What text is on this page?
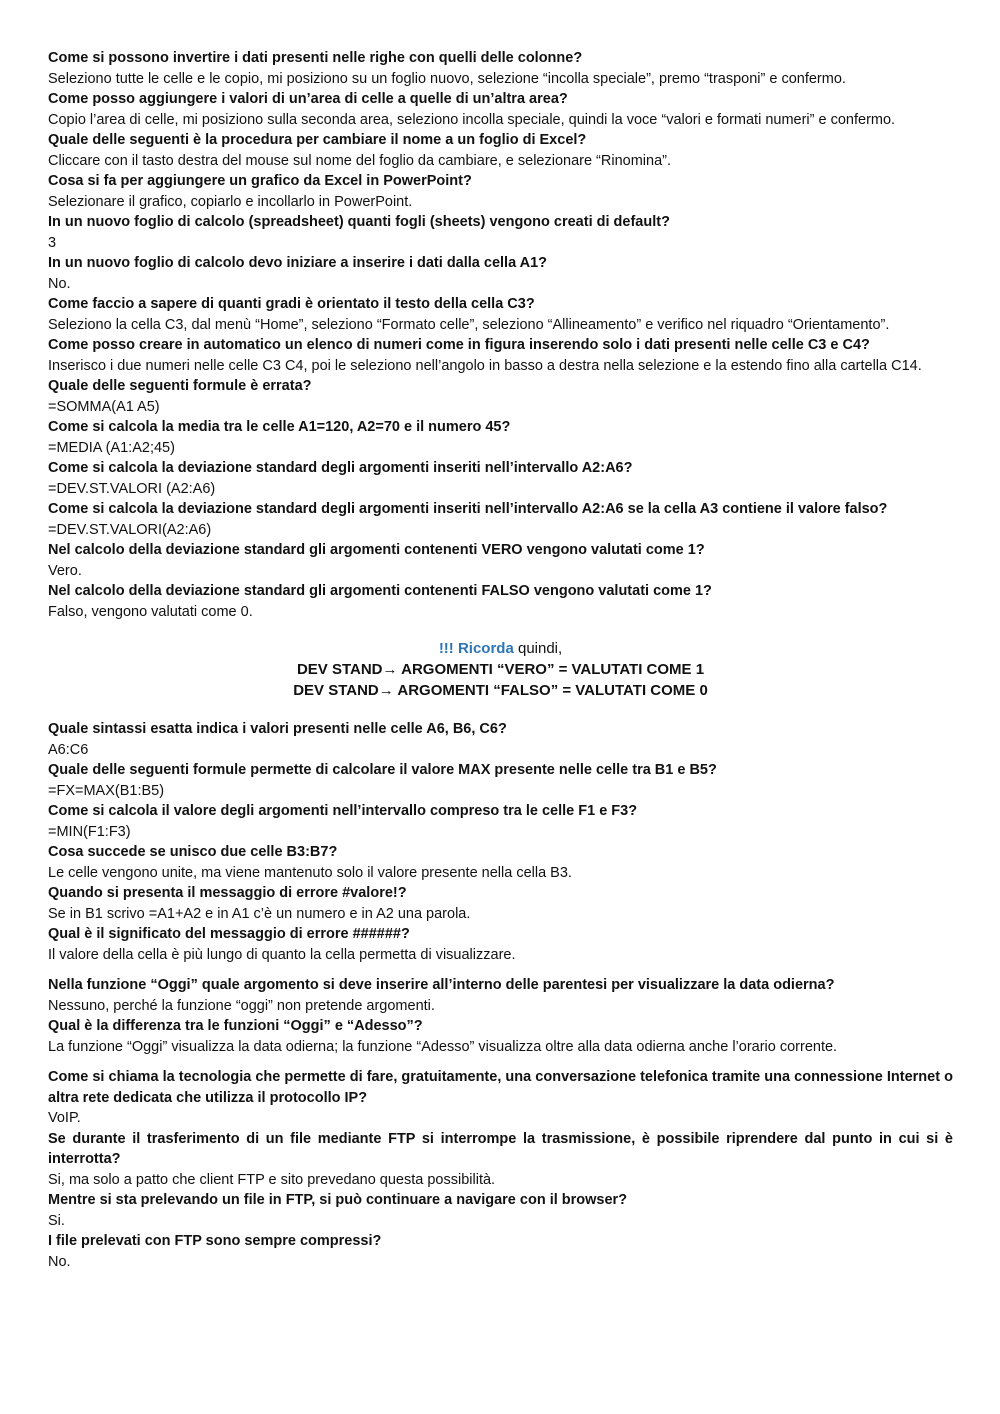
Come si possono invertire i dati presenti nelle righe con quelli delle colonne?

Seleziono tutte le celle e le copio, mi posiziono su un foglio nuovo, selezione “incolla speciale”, premo “trasponi” e confermo.

Come posso aggiungere i valori di un’area di celle a quelle di un’altra area?

Copio l’area di celle, mi posiziono sulla seconda area, seleziono incolla speciale, quindi la voce “valori e formati numeri” e confermo.

Quale delle seguenti è la procedura per cambiare il nome a un foglio di Excel?

Cliccare con il tasto destra del mouse sul nome del foglio da cambiare, e selezionare “Rinomina”.

Cosa si fa per aggiungere un grafico da Excel in PowerPoint?

Selezionare il grafico, copiarlo e incollarlo in PowerPoint.

In un nuovo foglio di calcolo (spreadsheet) quanti fogli (sheets) vengono creati di default?

3

In un nuovo foglio di calcolo devo iniziare a inserire i dati dalla cella A1?

No.

Come faccio a sapere di quanti gradi è orientato il testo della cella C3?

Seleziono la cella C3, dal menù “Home”, seleziono “Formato celle”, seleziono “Allineamento” e verifico nel riquadro “Orientamento”.

Come posso creare in automatico un elenco di numeri come in figura inserendo solo i dati presenti nelle celle C3 e C4?

Inserisco i due numeri nelle celle C3 C4, poi le seleziono nell’angolo in basso a destra nella selezione e la estendo fino alla cartella C14.

Quale delle seguenti formule è errata?

=SOMMA(A1 A5)

Come si calcola la media tra le celle A1=120, A2=70 e il numero 45?

=MEDIA (A1:A2;45)

Come si calcola la deviazione standard degli argomenti inseriti nell’intervallo A2:A6?

=DEV.ST.VALORI (A2:A6)

Come si calcola la deviazione standard degli argomenti inseriti nell’intervallo A2:A6 se la cella A3 contiene il valore falso?

=DEV.ST.VALORI(A2:A6)

Nel calcolo della deviazione standard gli argomenti contenenti VERO vengono valutati come 1?

Vero.

Nel calcolo della deviazione standard gli argomenti contenenti FALSO vengono valutati come 1?

Falso, vengono valutati come 0.

!!! Ricorda quindi,
DEV STAND→ ARGOMENTI “VERO” = VALUTATI COME 1
DEV STAND→ ARGOMENTI “FALSO” = VALUTATI COME 0

Quale sintassi esatta indica i valori presenti nelle celle A6, B6, C6?

A6:C6

Quale delle seguenti formule permette di calcolare il valore MAX presente nelle celle tra B1 e B5?

=FX=MAX(B1:B5)

Come si calcola il valore degli argomenti nell’intervallo compreso tra le celle F1 e F3?

=MIN(F1:F3)

Cosa succede se unisco due celle B3:B7?

Le celle vengono unite, ma viene mantenuto solo il valore presente nella cella B3.

Quando si presenta il messaggio di errore #valore!?

Se in B1 scrivo =A1+A2 e in A1 c’è un numero e in A2 una parola.

Qual è il significato del messaggio di errore ######?

Il valore della cella è più lungo di quanto la cella permetta di visualizzare.

Nella funzione “Oggi” quale argomento si deve inserire all’interno delle parentesi per visualizzare la data odierna?

Nessuno, perché la funzione “oggi” non pretende argomenti.

Qual è la differenza tra le funzioni “Oggi” e “Adesso”?

La funzione “Oggi” visualizza la data odierna; la funzione “Adesso” visualizza oltre alla data odierna anche l’orario corrente.

Come si chiama la tecnologia che permette di fare, gratuitamente, una conversazione telefonica tramite una connessione Internet o altra rete dedicata che utilizza il protocollo IP?

VoIP.

Se durante il trasferimento di un file mediante FTP si interrompe la trasmissione, è possibile riprendere dal punto in cui si è interrotta?

Si, ma solo a patto che client FTP e sito prevedano questa possibilità.

Mentre si sta prelevando un file in FTP, si può continuare a navigare con il browser?

Si.

I file prelevati con FTP sono sempre compressi?

No.
